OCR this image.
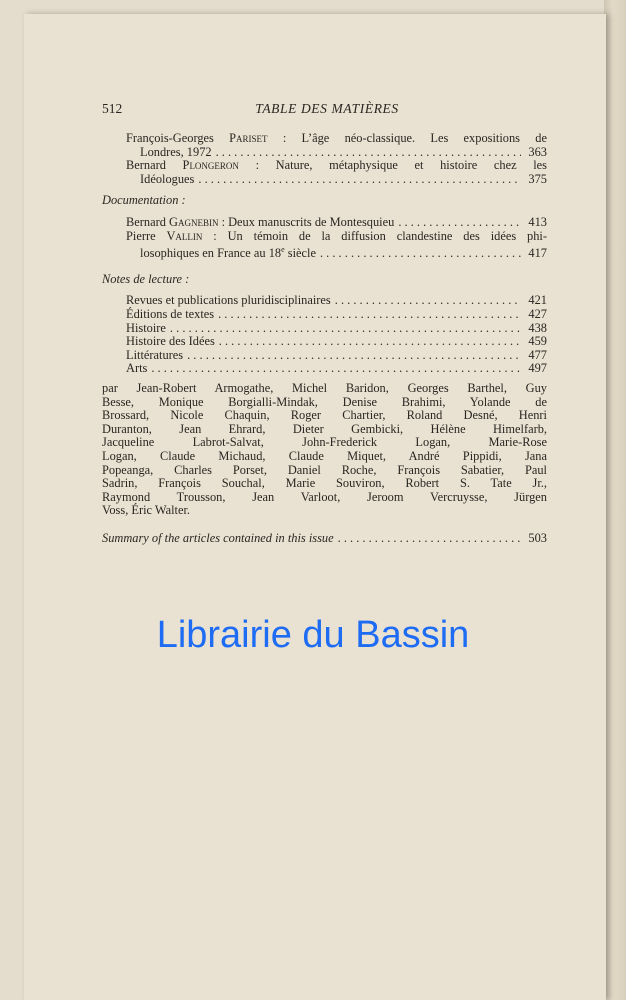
512	TABLE DES MATIÈRES
François-Georges Pariset : L’âge néo-classique. Les expositions de
Londres, 1972 . . .	363
Bernard Plongeron : Nature, métaphysique et histoire chez les
Idéologues . . .	375
Documentation :
Bernard Gagnebin : Deux manuscrits de Montesquieu . . .	413
Pierre Vallin : Un témoin de la diffusion clandestine des idées phi-
losophiques en France au 18e siècle . . .	417
Notes de lecture :
Revues et publications pluridisciplinaires . . .	421
Éditions de textes . . .	427
Histoire . . .	438
Histoire des Idées . . .	459
Littératures . . .	477
Arts . . .	497
par Jean-Robert Armogathe, Michel Baridon, Georges Barthel, Guy
Besse, Monique Borgialli-Mindak, Denise Brahimi, Yolande de
Brossard, Nicole Chaquin, Roger Chartier, Roland Desné, Henri
Duranton, Jean Ehrard, Dieter Gembicki, Hélène Himelfarb,
Jacqueline Labrot-Salvat, John-Frederick Logan, Marie-Rose
Logan, Claude Michaud, Claude Miquet, André Pippidi, Jana
Popeanga, Charles Porset, Daniel Roche, François Sabatier, Paul
Sadrin, François Souchal, Marie Souviron, Robert S. Tate Jr.,
Raymond Trousson, Jean Varloot, Jeroom Vercruysse, Jürgen
Voss, Éric Walter.
Summary of the articles contained in this issue . . .	503
Librairie du Bassin
